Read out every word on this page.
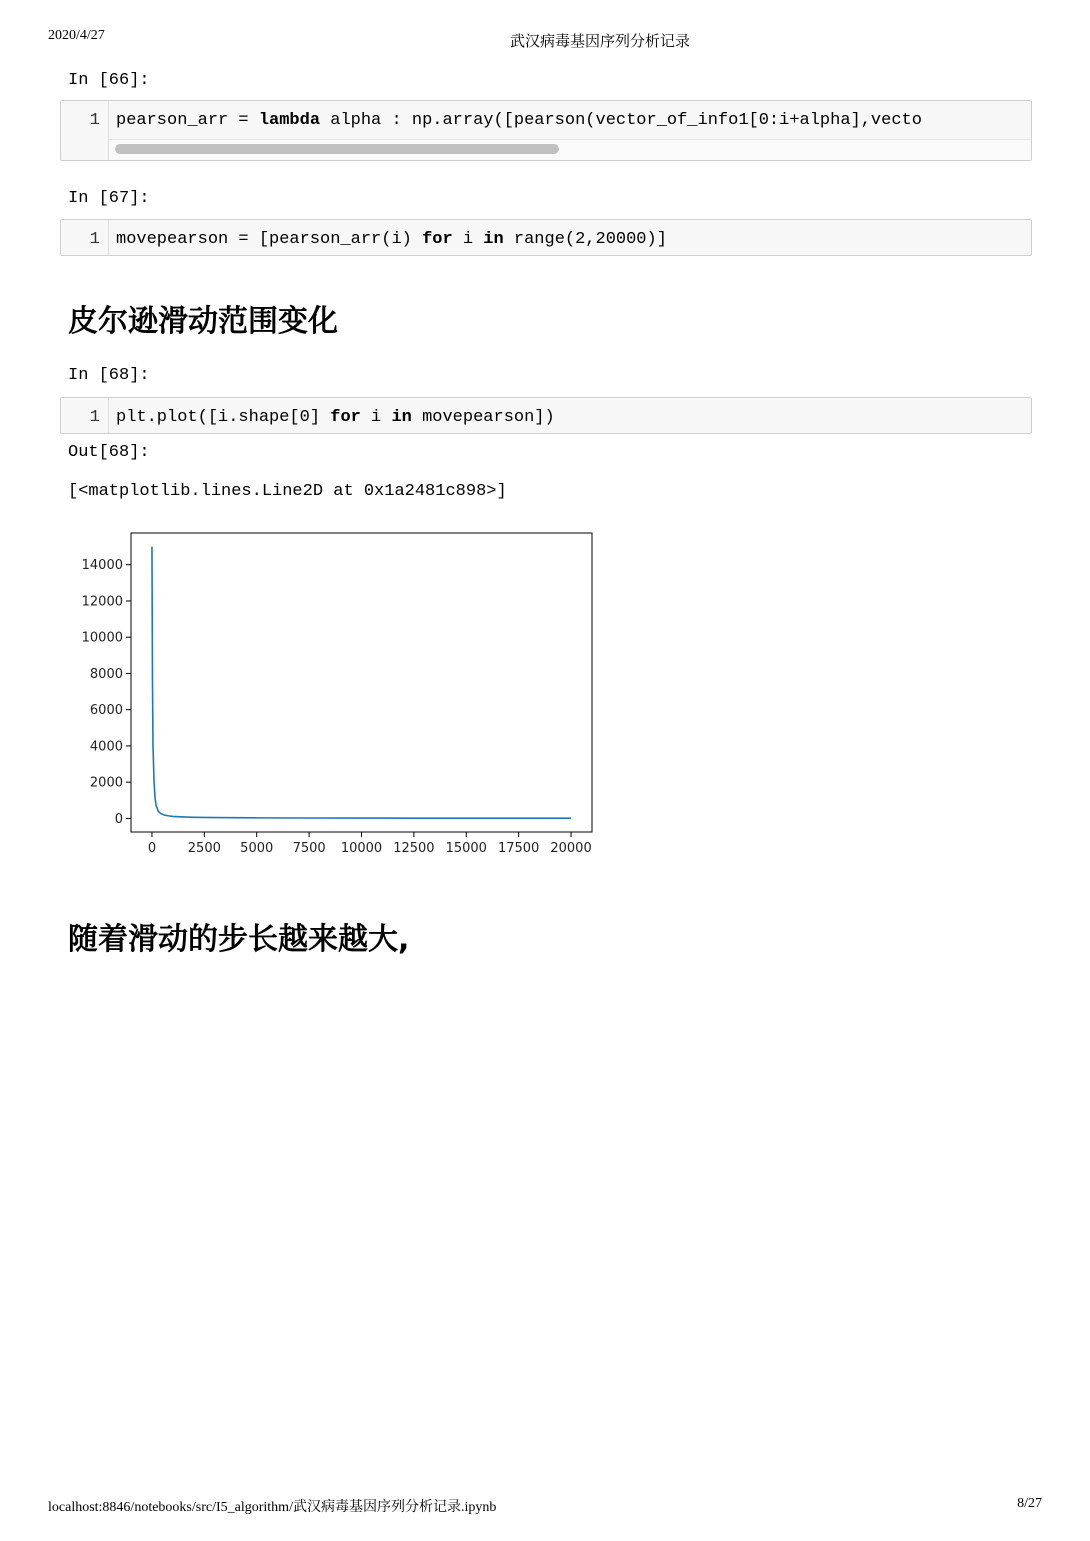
2020/4/27	武汉病毒基因序列分析记录
In [66]:
1 pearson_arr = lambda alpha : np.array([pearson(vector_of_info1[0:i+alpha],vecto
In [67]:
1 movepearson = [pearson_arr(i) for i in range(2,20000)]
皮尔逊滑动范围变化
In [68]:
1 plt.plot([i.shape[0] for i in movepearson])
Out[68]:
[<matplotlib.lines.Line2D at 0x1a2481c898>]
0
2000
4000
6000
8000
10000
12000
14000
0 2500 5000 7500 10000 12500 15000 17500 20000
随着滑动的步长越来越大,
localhost:8846/notebooks/src/I5_algorithm/武汉病毒基因序列分析记录.ipynb	8/27
